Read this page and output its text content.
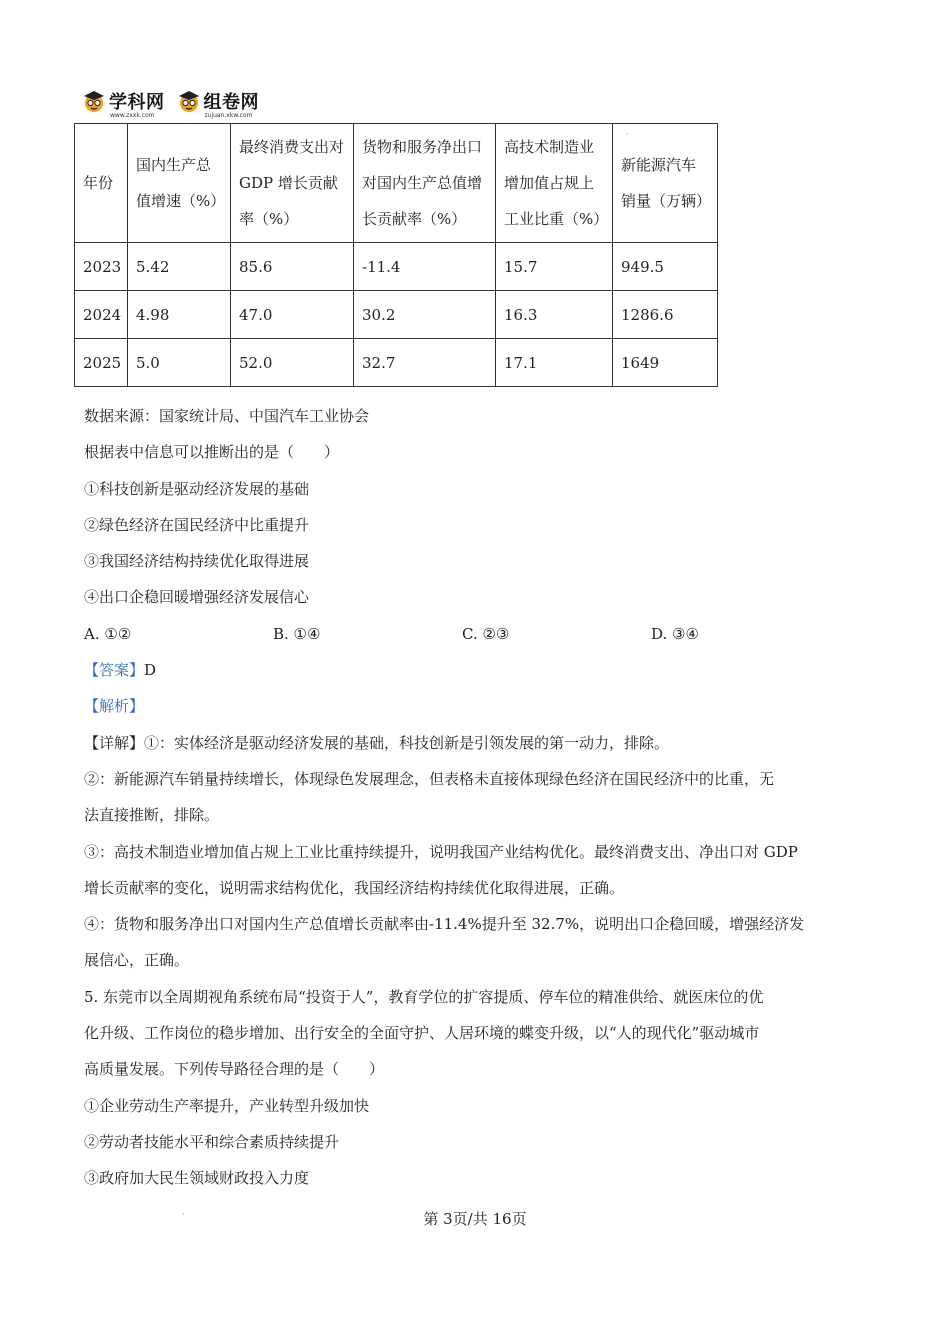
学科网
www.zxxk.com
组卷网
zujuan.xkw.com
·
年份	国内生产总值增速（%）	最终消费支出对 GDP 增长贡献率（%）	货物和服务净出口对国内生产总值增长贡献率（%）	高技术制造业增加值占规上工业比重（%）	新能源汽车销量（万辆）
2023	5.42	85.6	-11.4	15.7	949.5
2024	4.98	47.0	30.2	16.3	1286.6
2025	5.0	52.0	32.7	17.1	1649
数据来源：国家统计局、中国汽车工业协会
根据表中信息可以推断出的是（　　）
①科技创新是驱动经济发展的基础
②绿色经济在国民经济中比重提升
③我国经济结构持续优化取得进展
④出口企稳回暖增强经济发展信心
A. ①②	B. ①④	C. ②③	D. ③④
【答案】D
【解析】
【详解】①：实体经济是驱动经济发展的基础，科技创新是引领发展的第一动力，排除。
②：新能源汽车销量持续增长，体现绿色发展理念，但表格未直接体现绿色经济在国民经济中的比重，无
法直接推断，排除。
③：高技术制造业增加值占规上工业比重持续提升，说明我国产业结构优化。最终消费支出、净出口对 GDP
增长贡献率的变化，说明需求结构优化，我国经济结构持续优化取得进展，正确。
④：货物和服务净出口对国内生产总值增长贡献率由-11.4%提升至 32.7%，说明出口企稳回暖，增强经济发
展信心，正确。
5. 东莞市以全周期视角系统布局“投资于人”，教育学位的扩容提质、停车位的精准供给、就医床位的优
化升级、工作岗位的稳步增加、出行安全的全面守护、人居环境的蝶变升级，以“人的现代化”驱动城市
高质量发展。下列传导路径合理的是（　　）
①企业劳动生产率提升，产业转型升级加快
②劳动者技能水平和综合素质持续提升
③政府加大民生领域财政投入力度
·	第 3页/共 16页
